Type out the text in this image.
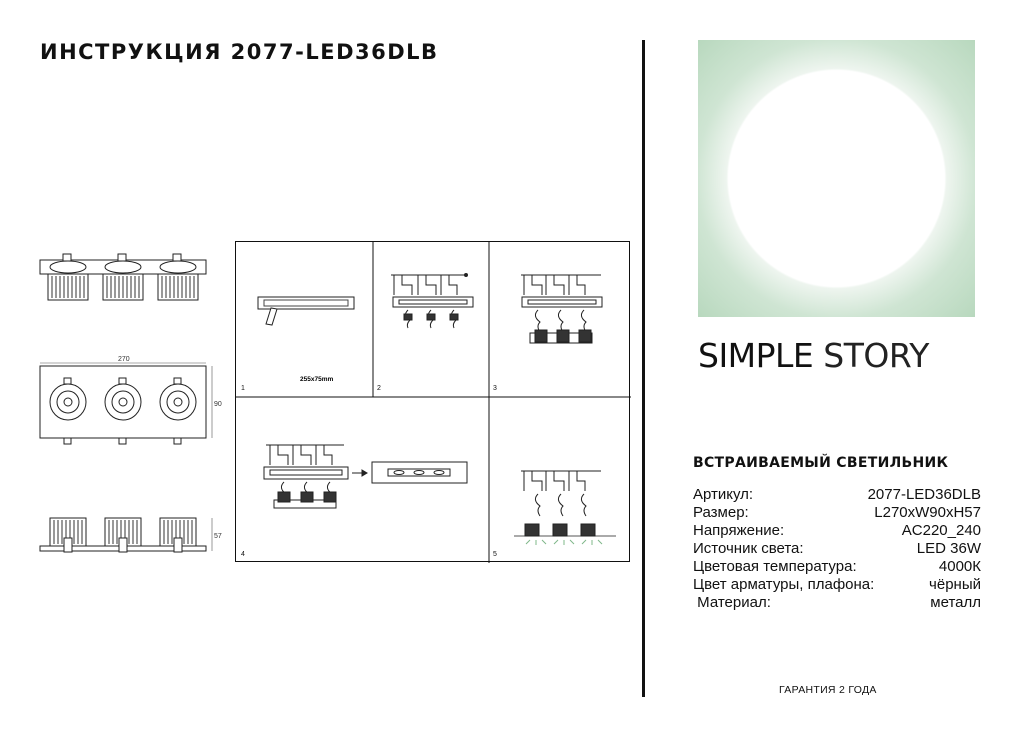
ИНСТРУКЦИЯ 2077-LED36DLB
270
90
57
255x75mm
1	2	3
4	5
SIMPLE STORY
ВСТРАИВАЕМЫЙ СВЕТИЛЬНИК
Артикул:	2077-LED36DLB
Размер:	L270xW90xH57
Напряжение:	AC220_240
Источник света:	LED 36W
Цветовая температура:	4000К
Цвет арматуры, плафона:	чёрный
Материал:	металл
ГАРАНТИЯ 2 ГОДА
